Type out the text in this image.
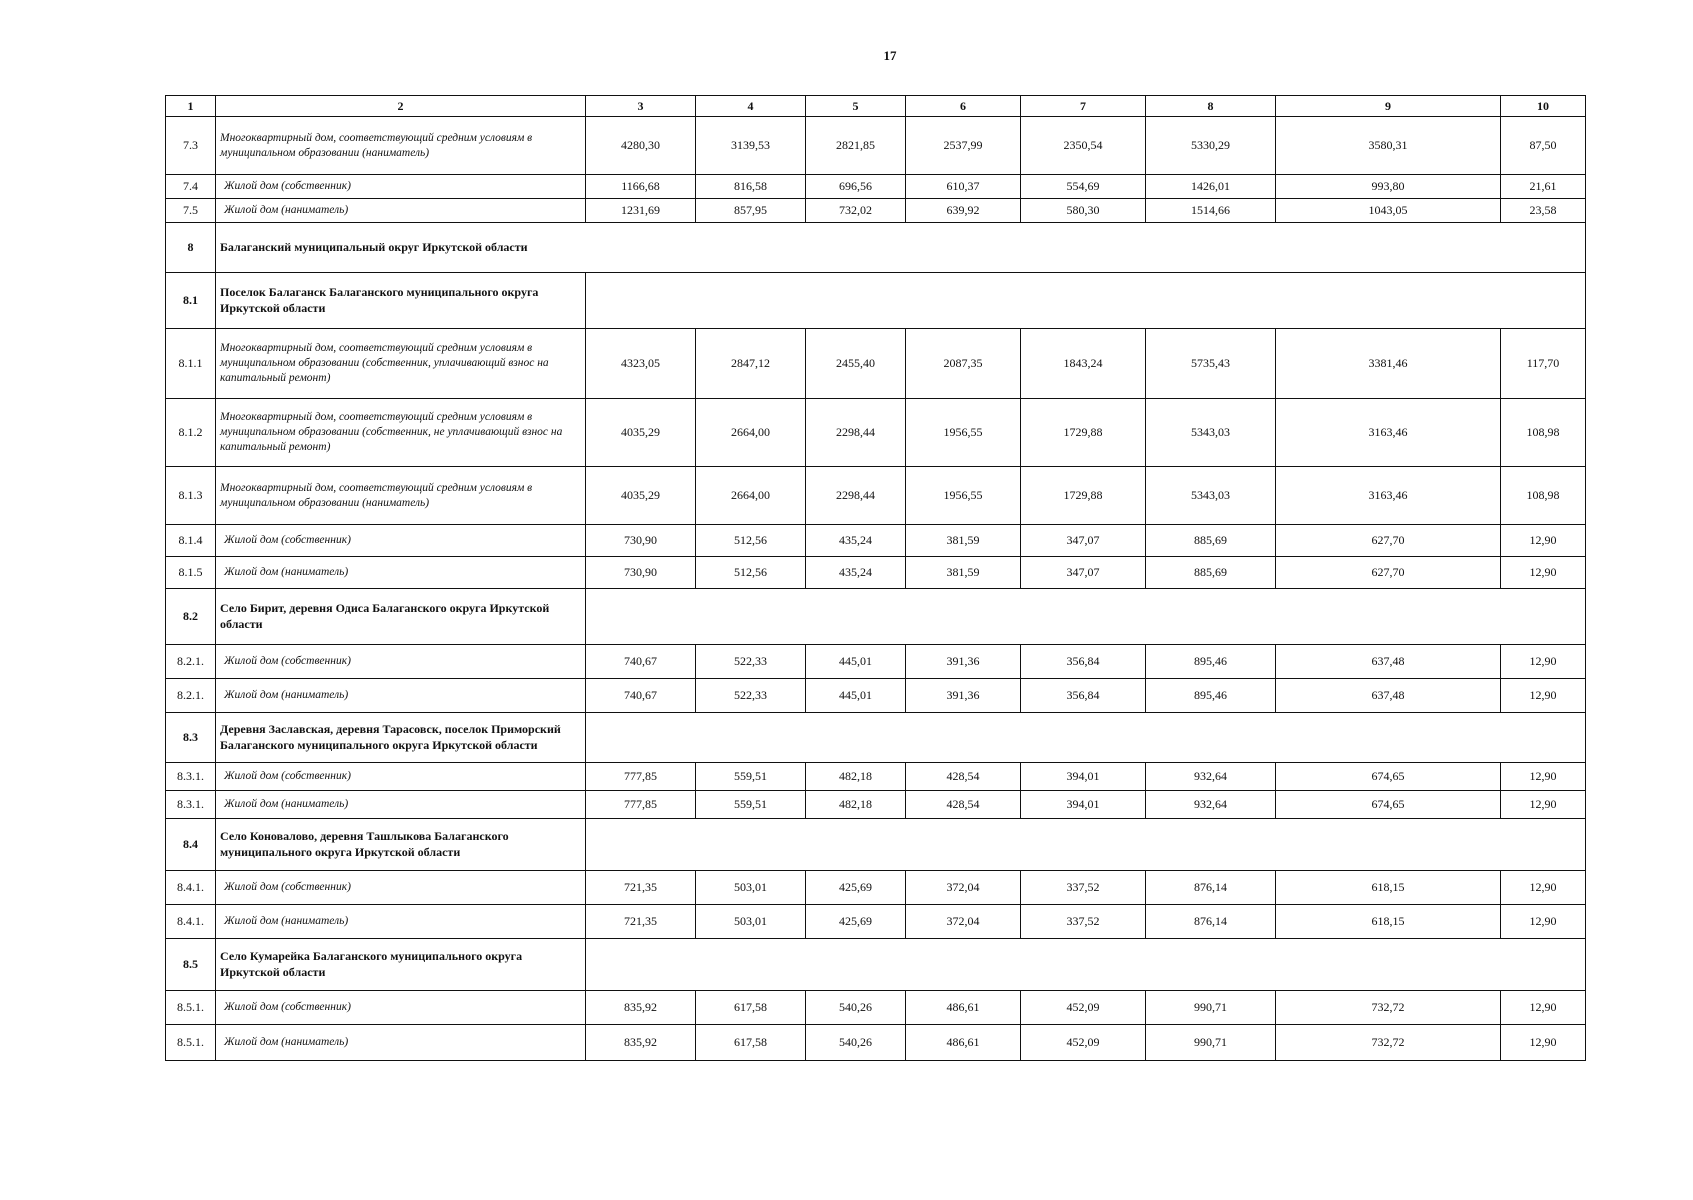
17
1	2	3	4	5	6	7	8	9	10
7.3	Многоквартирный дом, соответствующий средним условиям в муниципальном образовании (наниматель)	4280,30	3139,53	2821,85	2537,99	2350,54	5330,29	3580,31	87,50
7.4	Жилой дом (собственник)	1166,68	816,58	696,56	610,37	554,69	1426,01	993,80	21,61
7.5	Жилой дом (наниматель)	1231,69	857,95	732,02	639,92	580,30	1514,66	1043,05	23,58
8	Балаганский муниципальный округ Иркутской области								
8.1	Поселок Балаганск Балаганского муниципального округа Иркутской области								
8.1.1	Многоквартирный дом, соответствующий средним условиям в муниципальном образовании (собственник, уплачивающий взнос на капитальный ремонт)	4323,05	2847,12	2455,40	2087,35	1843,24	5735,43	3381,46	117,70
8.1.2	Многоквартирный дом, соответствующий средним условиям в муниципальном образовании (собственник, не уплачивающий взнос на капитальный ремонт)	4035,29	2664,00	2298,44	1956,55	1729,88	5343,03	3163,46	108,98
8.1.3	Многоквартирный дом, соответствующий средним условиям в муниципальном образовании (наниматель)	4035,29	2664,00	2298,44	1956,55	1729,88	5343,03	3163,46	108,98
8.1.4	Жилой дом (собственник)	730,90	512,56	435,24	381,59	347,07	885,69	627,70	12,90
8.1.5	Жилой дом (наниматель)	730,90	512,56	435,24	381,59	347,07	885,69	627,70	12,90
8.2	Село Бирит, деревня Одиса Балаганского округа Иркутской области								
8.2.1.	Жилой дом (собственник)	740,67	522,33	445,01	391,36	356,84	895,46	637,48	12,90
8.2.1.	Жилой дом (наниматель)	740,67	522,33	445,01	391,36	356,84	895,46	637,48	12,90
8.3	Деревня Заславская, деревня Тарасовск, поселок Приморский Балаганского муниципального округа Иркутской области								
8.3.1.	Жилой дом (собственник)	777,85	559,51	482,18	428,54	394,01	932,64	674,65	12,90
8.3.1.	Жилой дом (наниматель)	777,85	559,51	482,18	428,54	394,01	932,64	674,65	12,90
8.4	Село Коноваловo, деревня Ташлыкова Балаганского муниципального округа Иркутской области								
8.4.1.	Жилой дом (собственник)	721,35	503,01	425,69	372,04	337,52	876,14	618,15	12,90
8.4.1.	Жилой дом (наниматель)	721,35	503,01	425,69	372,04	337,52	876,14	618,15	12,90
8.5	Село Кумарейка Балаганского муниципального округа Иркутской области								
8.5.1.	Жилой дом (собственник)	835,92	617,58	540,26	486,61	452,09	990,71	732,72	12,90
8.5.1.	Жилой дом (наниматель)	835,92	617,58	540,26	486,61	452,09	990,71	732,72	12,90
